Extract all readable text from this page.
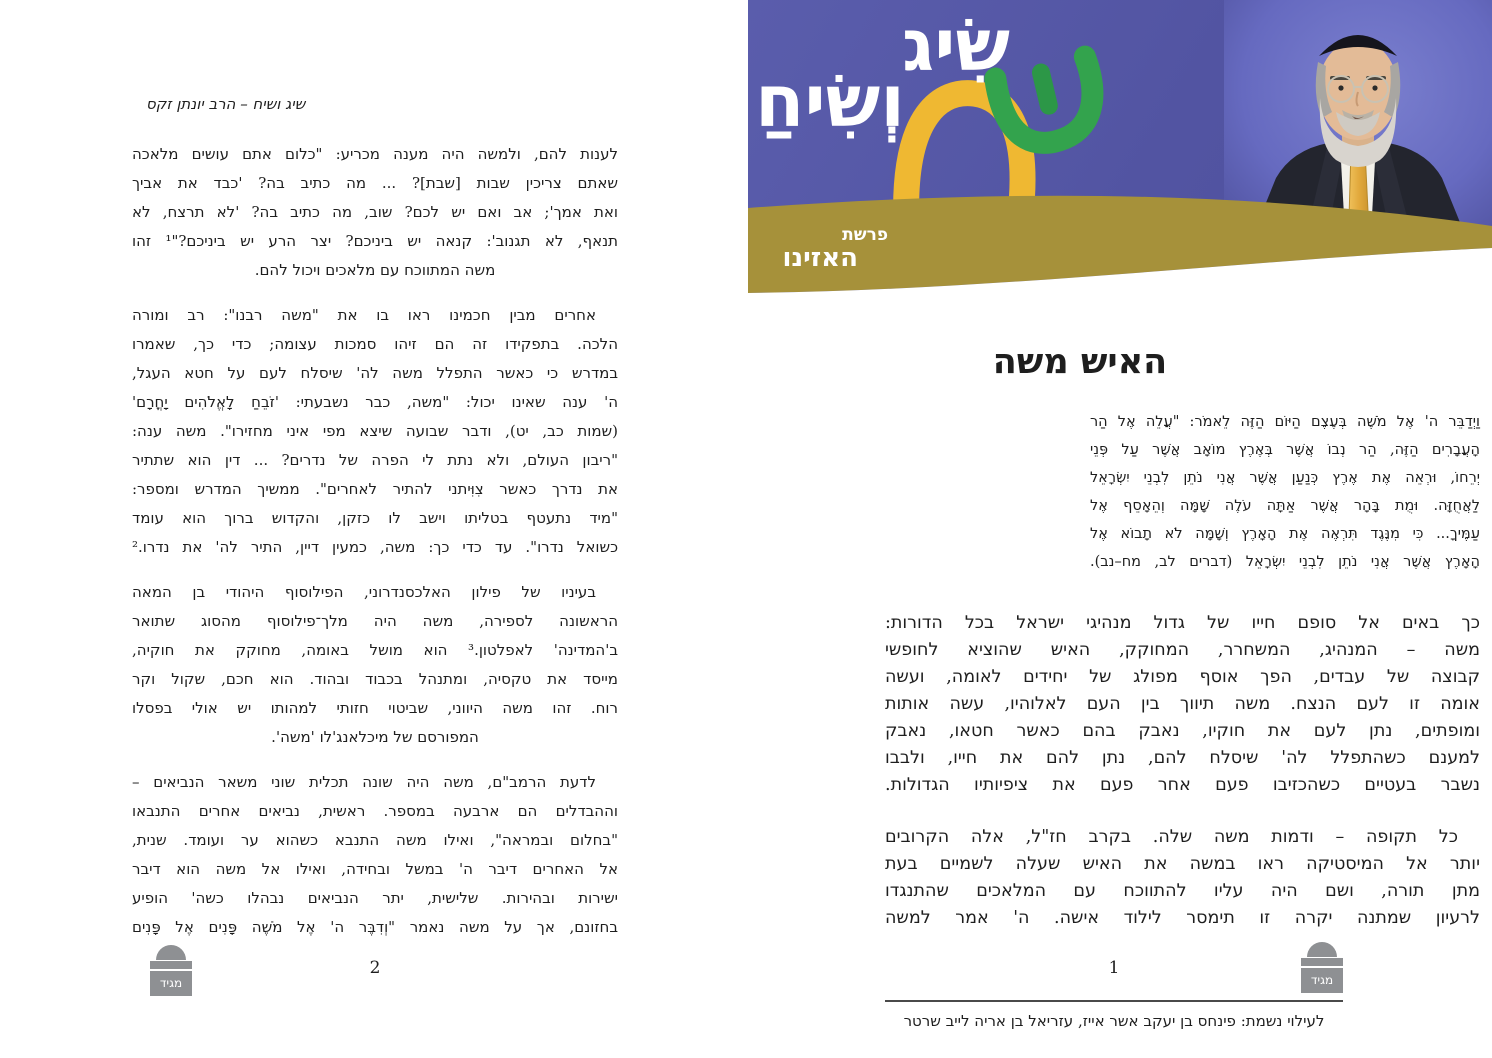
שיג ושיח – הרב יונתן זקס
לענות להם, ולמשה היה מענה מכריע: "כלום אתם עושים מלאכה
שאתם צריכין שבות [שבת]? ... מה כתיב בה? 'כבד את אביך
ואת אמך'; אב ואם יש לכם? שוב, מה כתיב בה? 'לא תרצח, לא
תנאף, לא תגנוב': קנאה יש ביניכם? יצר הרע יש ביניכם?"¹ זהו
משה המתווכח עם מלאכים ויכול להם.
אחרים מבין חכמינו ראו בו את "משה רבנו": רב ומורה
הלכה. בתפקידו זה הם זיהו סמכות עצומה; כדי כך, שאמרו
במדרש כי כאשר התפלל משה לה' שיסלח לעם על חטא העגל,
ה' ענה שאינו יכול: "משה, כבר נשבעתי: 'זֹבֵחַ לָאֱלֹהִים יָחֳרָם'
(שמות כב, יט), ודבר שבועה שיצא מפי איני מחזירו". משה ענה:
"ריבון העולם, ולא נתת לי הפרה של נדרים? ... דין הוא שתתיר
את נדרך כאשר צִוִּיתני להתיר לאחרים". ממשיך המדרש ומספר:
"מיד נתעטף בטליתו וישב לו כזקן, והקדוש ברוך הוא עומד
כשואל נדרו". עד כדי כך: משה, כמעין דיין, התיר לה' את נדרו.²
בעיניו של פילון האלכסנדרוני, הפילוסוף היהודי בן המאה
הראשונה לספירה, משה היה מלך־פילוסוף מהסוג שתואר
ב'המדינה' לאפלטון.³ הוא מושל באומה, מחוקק את חוקיה,
מייסד את טקסיה, ומתנהל בכבוד ובהוד. הוא חכם, שקול וקר
רוח. זהו משה היווני, שביטוי חזותי למהותו יש אולי בפסלו
המפורסם של מיכלאנג'לו 'משה'.
לדעת הרמב"ם, משה היה שונה תכלית שוני משאר הנביאים –
וההבדלים הם ארבעה במספר. ראשית, נביאים אחרים התנבאו
"בחלום ובמראה", ואילו משה התנבא כשהוא ער ועומד. שנית,
אל האחרים דיבר ה' במשל ובחידה, ואילו אל משה הוא דיבר
ישירות ובהירות. שלישית, יתר הנביאים נבהלו כשה' הופיע
בחזונם, אך על משה נאמר "וְדִבֶּר ה' אֶל מֹשֶׁה פָּנִים אֶל פָּנִים
מגיד
2
האיש משה
וַיְדַבֵּר ה' אֶל מֹשֶׁה בְּעֶצֶם הַיּוֹם הַזֶּה לֵאמֹר: "עֲלֵה אֶל הַר
הָעֲבָרִים הַזֶּה, הַר נְבוֹ אֲשֶׁר בְּאֶרֶץ מוֹאָב אֲשֶׁר עַל פְּנֵי
יְרֵחוֹ, וּרְאֵה אֶת אֶרֶץ כְּנַעַן אֲשֶׁר אֲנִי נֹתֵן לִבְנֵי יִשְׂרָאֵל
לַאֲחֻזָּה. וּמֻת בָּהָר אֲשֶׁר אַתָּה עֹלֶה שָׁמָּה וְהֵאָסֵף אֶל
עַמֶּיךָ... כִּי מִנֶּגֶד תִּרְאֶה אֶת הָאָרֶץ וְשָׁמָּה לֹא תָבוֹא אֶל
הָאָרֶץ אֲשֶׁר אֲנִי נֹתֵן לִבְנֵי יִשְׂרָאֵל (דברים לב, מח–נב).
כך באים אל סופם חייו של גדול מנהיגי ישראל בכל הדורות:
משה – המנהיג, המשחרר, המחוקק, האיש שהוציא לחופשי
קבוצה של עבדים, הפך אוסף מפולג של יחידים לאומה, ועשה
אומה זו לעם הנצח. משה תיווך בין העם לאלוהיו, עשה אותות
ומופתים, נתן לעם את חוקיו, נאבק בהם כאשר חטאו, נאבק
למענם כשהתפלל לה' שיסלח להם, נתן להם את חייו, ולבבו
נשבר בעטיים כשהכזיבו פעם אחר פעם את ציפיותיו הגדולות.
כל תקופה – ודמות משה שלה. בקרב חז"ל, אלה הקרובים
יותר אל המיסטיקה ראו במשה את האיש שעלה לשמיים בעת
מתן תורה, ושם היה עליו להתווכח עם המלאכים שהתנגדו
לרעיון שמתנה יקרה זו תימסר לילוד אישה. ה' אמר למשה
מגיד
1
לעילוי נשמת: פינחס בן יעקב אשר אייז, עזריאל בן אריה לייב שרטר
שִׂיג
וְשִׂיחַ
פרשת
האזינו
